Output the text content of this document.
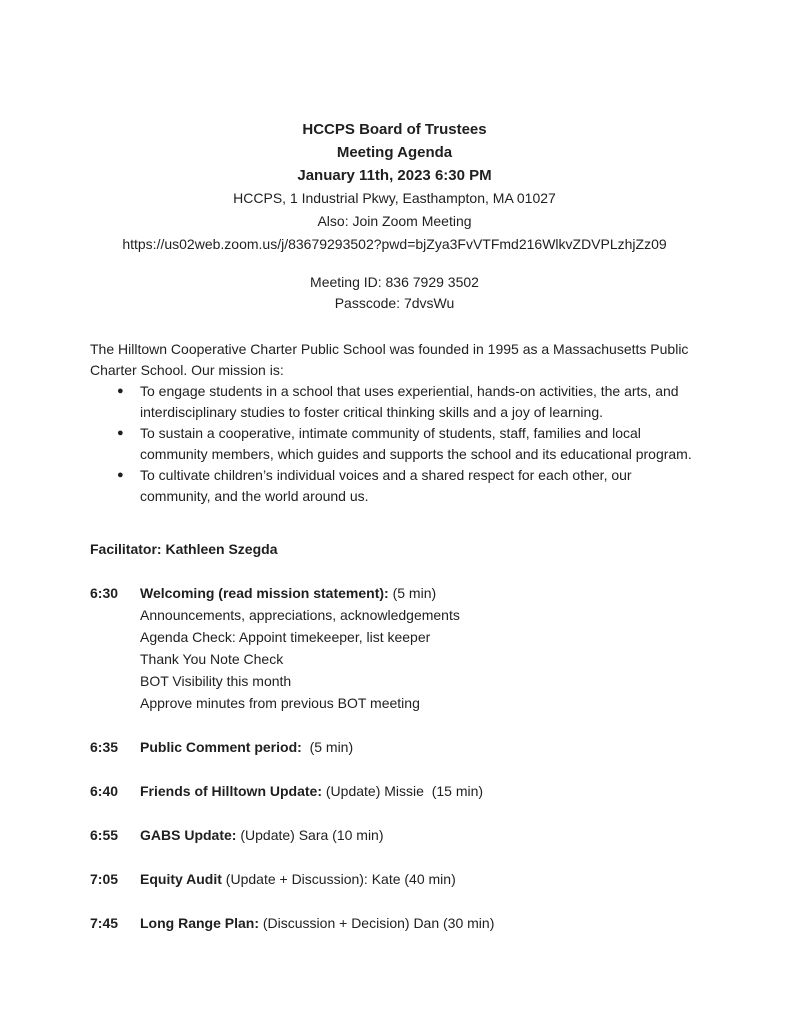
HCCPS Board of Trustees

Meeting Agenda

January 11th, 2023 6:30 PM

HCCPS, 1 Industrial Pkwy, Easthampton, MA 01027

Also: Join Zoom Meeting

https://us02web.zoom.us/j/83679293502?pwd=bjZya3FvVTFmd216WlkvZDVPLzhjZz09

Meeting ID: 836 7929 3502

Passcode: 7dvsWu

The Hilltown Cooperative Charter Public School was founded in 1995 as a Massachusetts Public Charter School. Our mission is:

● To engage students in a school that uses experiential, hands-on activities, the arts, and interdisciplinary studies to foster critical thinking skills and a joy of learning.
● To sustain a cooperative, intimate community of students, staff, families and local community members, which guides and supports the school and its educational program.
● To cultivate children’s individual voices and a shared respect for each other, our community, and the world around us.

Facilitator: Kathleen Szegda

6:30	Welcoming (read mission statement): (5 min)

Announcements, appreciations, acknowledgements

Agenda Check: Appoint timekeeper, list keeper

Thank You Note Check

BOT Visibility this month

Approve minutes from previous BOT meeting

6:35	Public Comment period:  (5 min)

6:40	Friends of Hilltown Update: (Update) Missie  (15 min)

6:55	GABS Update: (Update) Sara (10 min)

7:05	Equity Audit (Update + Discussion): Kate (40 min)

7:45	Long Range Plan: (Discussion + Decision) Dan (30 min)
